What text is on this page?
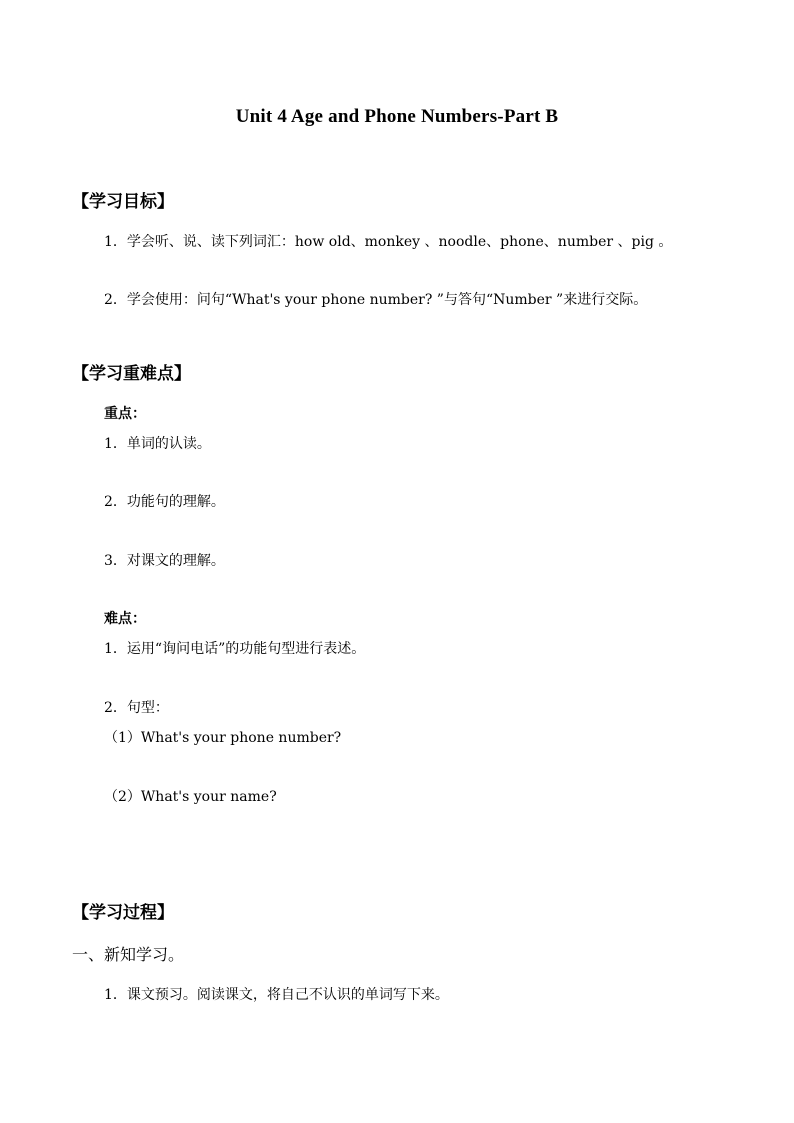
Unit 4 Age and Phone Numbers-Part B
【学习目标】
1．学会听、说、读下列词汇：how old、monkey 、noodle、phone、number 、pig 。
2．学会使用：问句“What's your phone number? ”与答句“Number ”来进行交际。
【学习重难点】
重点：
1．单词的认读。
2．功能句的理解。
3．对课文的理解。
难点：
1．运用“询问电话”的功能句型进行表述。
2．句型：
（1）What's your phone number?
（2）What's your name?
【学习过程】
一、新知学习。
1．课文预习。阅读课文，将自己不认识的单词写下来。
